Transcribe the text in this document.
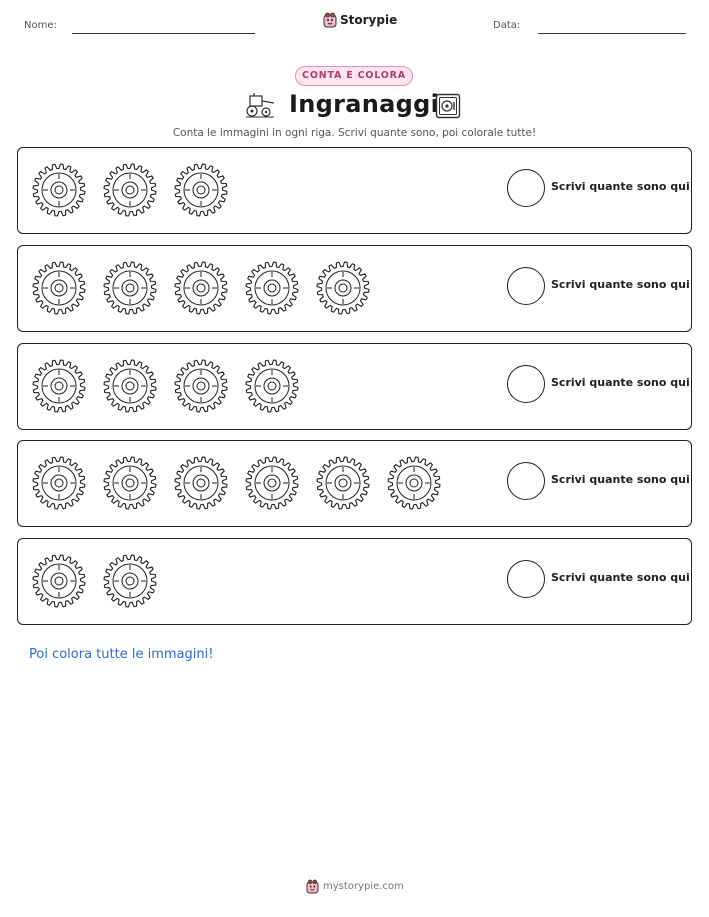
Nome:	Storypie	Data:
CONTA E COLORA
Ingranaggi
Conta le immagini in ogni riga. Scrivi quante sono, poi colorale tutte!
Scrivi quante sono qui
Scrivi quante sono qui
Scrivi quante sono qui
Scrivi quante sono qui
Scrivi quante sono qui
Poi colora tutte le immagini!
mystorypie.com
